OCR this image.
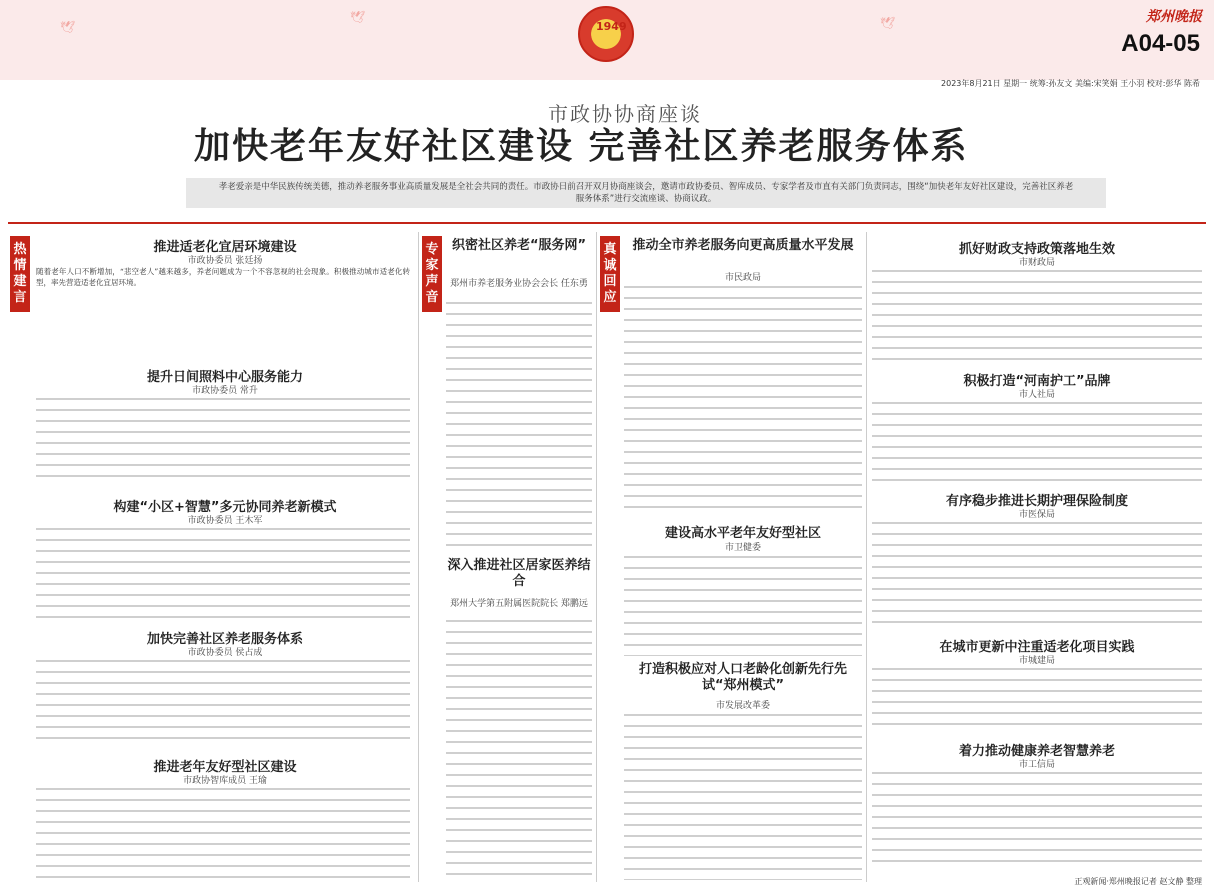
🕊
🕊	🕊
1949
郑州晚报
A04-05
2023年8月21日 星期一 统筹:孙友文 美编:宋笑娟 王小羽 校对:彭华 陈希
市政协协商座谈
加快老年友好社区建设 完善社区养老服务体系
孝老爱亲是中华民族传统美德，推动养老服务事业高质量发展是全社会共同的责任。市政协日前召开双月协商座谈会，邀请市政协委员、智库成员、专家学者及市直有关部门负责同志，围绕“加快老年友好社区建设，完善社区养老服务体系”进行交流座谈、协商议政。
热情建言
专家声音
真诚回应
推进适老化宜居环境建设
市政协委员 张廷扬
随着老年人口不断增加，“悲空老人”越来越多，养老问题成为一个不容忽视的社会现象。积极推动城市适老化转型，率先营造适老化宜居环境。
提升日间照料中心服务能力
市政协委员 常升
构建“小区+智慧”多元协同养老新模式
市政协委员 王木军
加快完善社区养老服务体系
市政协委员 侯占成
推进老年友好型社区建设
市政协智库成员 王瑜
织密社区养老“服务网”
郑州市养老服务业协会会长 任东勇
深入推进社区居家医养结合
郑州大学第五附属医院院长 郑鹏远
推动全市养老服务向更高质量水平发展
市民政局
建设高水平老年友好型社区
市卫健委
打造积极应对人口老龄化创新先行先试“郑州模式”
市发展改革委
抓好财政支持政策落地生效
市财政局
积极打造“河南护工”品牌
市人社局
有序稳步推进长期护理保险制度
市医保局
在城市更新中注重适老化项目实践
市城建局
着力推动健康养老智慧养老
市工信局
正观新闻·郑州晚报记者 赵文静 整理
